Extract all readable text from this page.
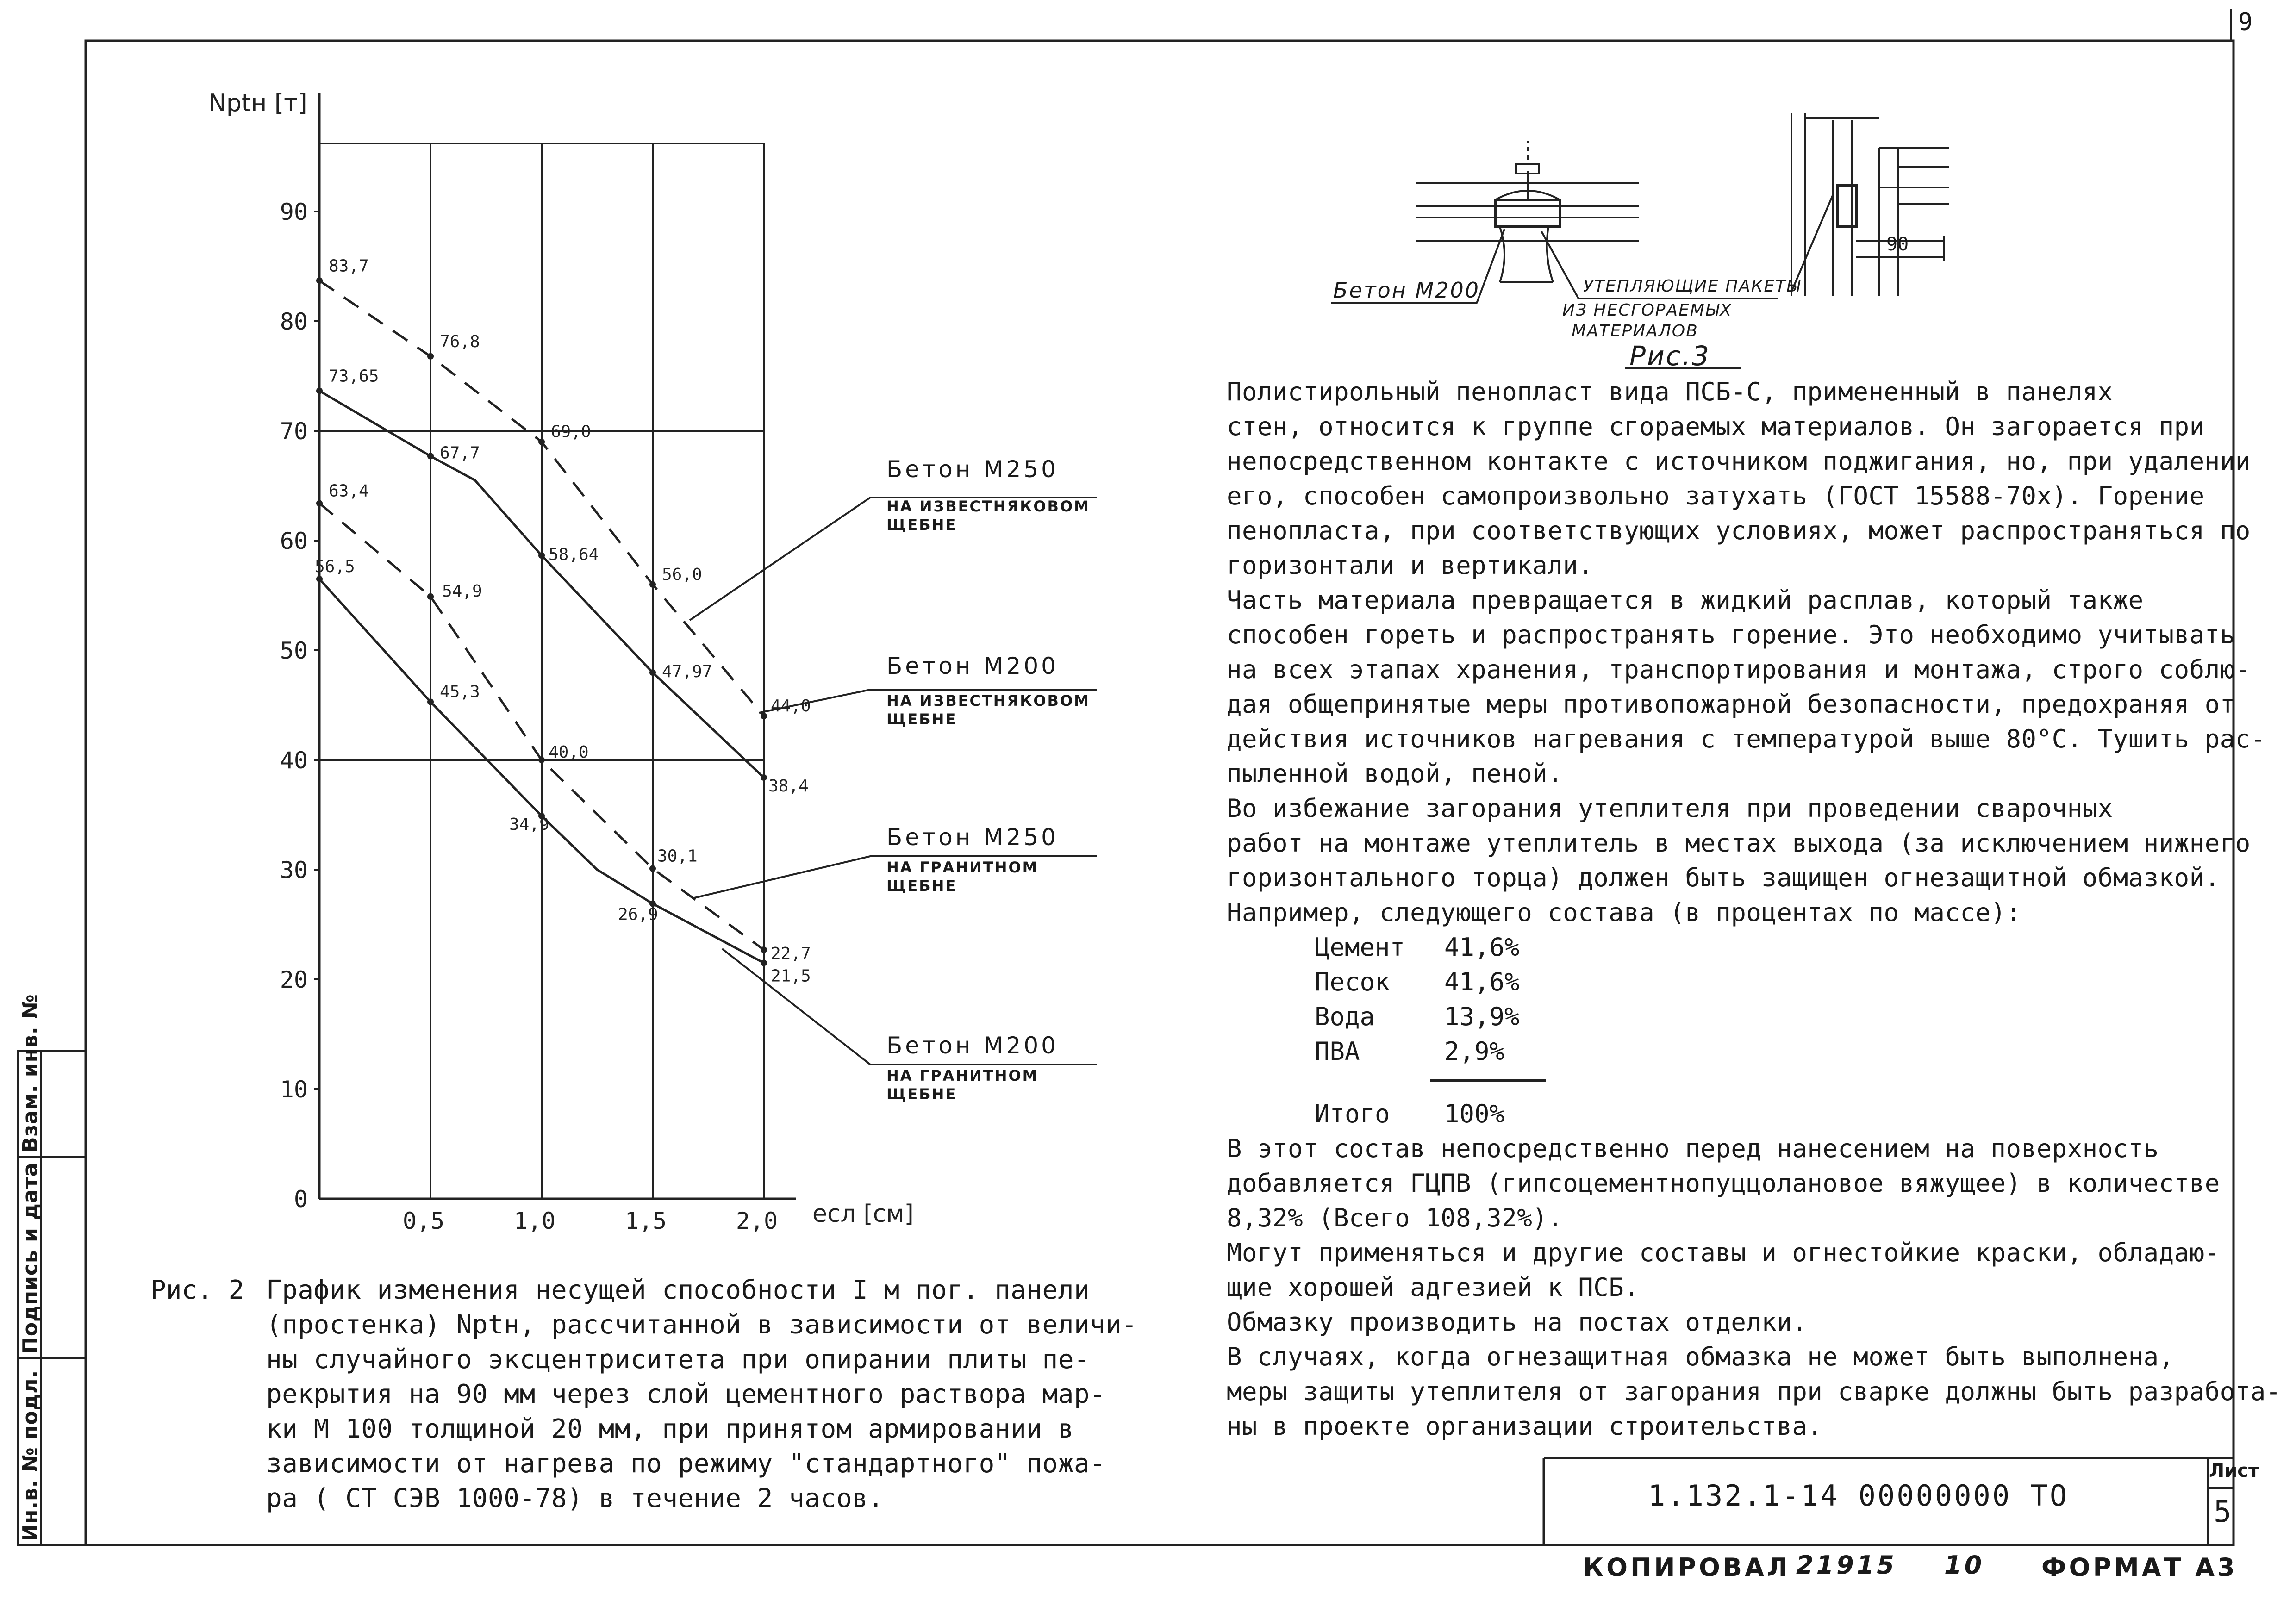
0
10
20
30
40
50
60
70
80
90
0,5	1,0	1,5	2,0
Nptн [т]
eсл [см]
83,7
76,8
69,0
56,0
44,0
73,65
67,7
58,64
47,97
38,4
63,4
54,9
40,0
30,1
22,7
56,5
45,3
34,9
26,9
21,5
9
Ин.в. № подл.
Подпись и дата
Взам. инв. №
Бетон М250
НА ИЗВЕСТНЯКОВОМ
ЩЕБНЕ
Бетон М200
НА ИЗВЕСТНЯКОВОМ
ЩЕБНЕ
Бетон М250
НА ГРАНИТНОМ
ЩЕБНЕ
Бетон М200
НА ГРАНИТНОМ
ЩЕБНЕ
Рис. 2 График изменения несущей способности I м пог. панели
(простенка) Nptн, рассчитанной в зависимости от величи-
ны случайного эксцентриситета при опирании плиты пе-
рекрытия на 90 мм через слой цементного раствора мар-
ки М 100 толщиной 20 мм, при принятом армировании в
зависимости от нагрева по режиму "стандартного" пожа-
ра ( СТ СЭВ 1000-78) в течение 2 часов.
Бетон М200	УТЕПЛЯЮЩИЕ ПАКЕТЫ
ИЗ НЕСГОРАЕМЫХ
МАТЕРИАЛОВ
Рис.3
90
Полистирольный пенопласт вида ПСБ-С, примененный в панелях
стен, относится к группе сгораемых материалов. Он загорается при
непосредственном контакте с источником поджигания, но, при удалении
его, способен самопроизвольно затухать (ГОСТ 15588-70х). Горение
пенопласта, при соответствующих условиях, может распространяться по
горизонтали и вертикали.
Часть материала превращается в жидкий расплав, который также
способен гореть и распространять горение. Это необходимо учитывать
на всех этапах хранения, транспортирования и монтажа, строго соблю-
дая общепринятые меры противопожарной безопасности, предохраняя от
действия источников нагревания с температурой выше 80°С. Тушить рас-
пыленной водой, пеной.
Во избежание загорания утеплителя при проведении сварочных
работ на монтаже утеплитель в местах выхода (за исключением нижнего
горизонтального торца) должен быть защищен огнезащитной обмазкой.
Например, следующего состава (в процентах по массе):
Цемент 41,6%
Песок 41,6%
Вода	13,9%
ПВА	2,9%
Итого 100%
В этот состав непосредственно перед нанесением на поверхность
добавляется ГЦПВ (гипсоцементнопуццолановое вяжущее) в количестве
8,32% (Всего 108,32%).
Могут применяться и другие составы и огнестойкие краски, обладаю-
щие хорошей адгезией к ПСБ.
Обмазку производить на постах отделки.
В случаях, когда огнезащитная обмазка не может быть выполнена,
меры защиты утеплителя от загорания при сварке должны быть разработа-
ны в проекте организации строительства.
1.132.1-14 00000000 ТО
Лист
5
КОПИРОВАЛ 21915 10 ФОРМАТ А3
